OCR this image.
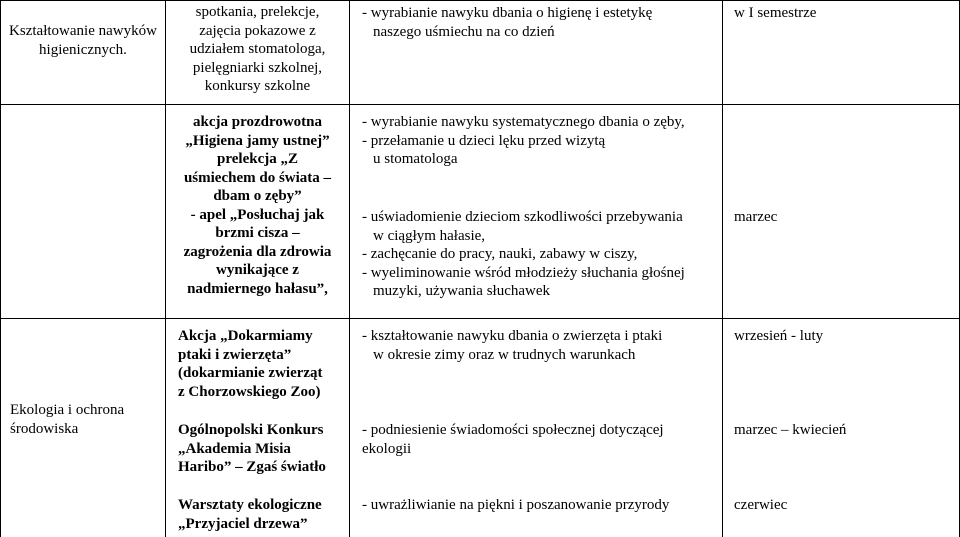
Kształtowanie nawyków higienicznych.
spotkania, prelekcje,
zajęcia pokazowe z
udziałem stomatologa,
pielęgniarki szkolnej,
konkursy szkolne
- wyrabianie nawyku dbania o higienę i estetykę
naszego uśmiechu na co dzień
w I semestrze
akcja prozdrowotna
„Higiena jamy ustnej”
prelekcja „Z
uśmiechem do świata –
dbam o zęby”
- apel „Posłuchaj jak
brzmi cisza –
zagrożenia dla zdrowia
wynikające z
nadmiernego hałasu”,
- wyrabianie nawyku systematycznego dbania o zęby,
- przełamanie u dzieci lęku przed wizytą
u stomatologa
- uświadomienie dzieciom szkodliwości przebywania
w ciągłym hałasie,
- zachęcanie do pracy, nauki, zabawy w ciszy,
- wyeliminowanie wśród młodzieży słuchania głośnej
muzyki, używania słuchawek
marzec
Ekologia i ochrona środowiska
Akcja „Dokarmiamy
ptaki i zwierzęta”
(dokarmianie zwierząt
z Chorzowskiego Zoo)
Ogólnopolski Konkurs
„Akademia Misia
Haribo” – Zgaś światło
Warsztaty ekologiczne
„Przyjaciel drzewa”
- kształtowanie nawyku dbania o zwierzęta i ptaki
w okresie zimy oraz w trudnych warunkach
- podniesienie świadomości społecznej dotyczącej
ekologii
- uwrażliwianie na piękni i poszanowanie przyrody
wrzesień - luty
marzec – kwiecień
czerwiec
